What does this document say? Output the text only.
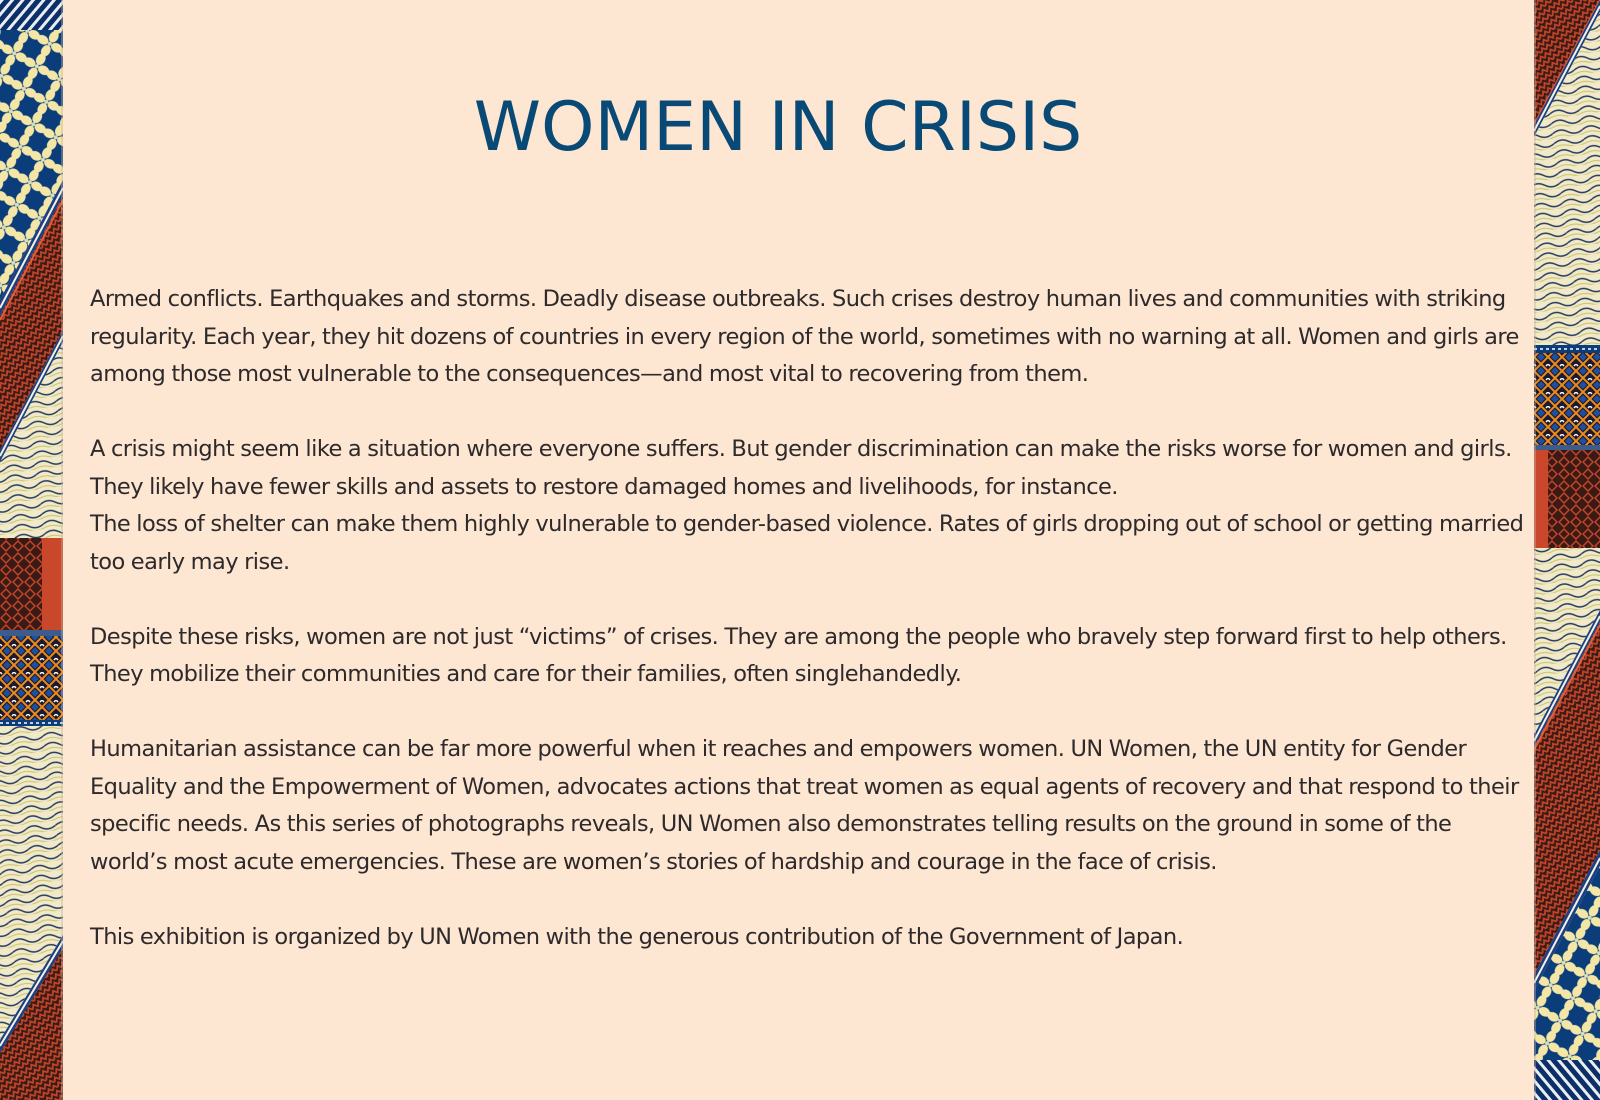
WOMEN IN CRISIS

Armed conflicts. Earthquakes and storms. Deadly disease outbreaks. Such crises destroy human lives and communities with striking regularity. Each year, they hit dozens of countries in every region of the world, sometimes with no warning at all. Women and girls are among those most vulnerable to the consequences—and most vital to recovering from them.

A crisis might seem like a situation where everyone suffers. But gender discrimination can make the risks worse for women and girls. They likely have fewer skills and assets to restore damaged homes and livelihoods, for instance.
The loss of shelter can make them highly vulnerable to gender-based violence. Rates of girls dropping out of school or getting married too early may rise.

Despite these risks, women are not just “victims” of crises. They are among the people who bravely step forward first to help others. They mobilize their communities and care for their families, often singlehandedly.

Humanitarian assistance can be far more powerful when it reaches and empowers women. UN Women, the UN entity for Gender Equality and the Empowerment of Women, advocates actions that treat women as equal agents of recovery and that respond to their specific needs. As this series of photographs reveals, UN Women also demonstrates telling results on the ground in some of the world’s most acute emergencies. These are women’s stories of hardship and courage in the face of crisis.

This exhibition is organized by UN Women with the generous contribution of the Government of Japan.
